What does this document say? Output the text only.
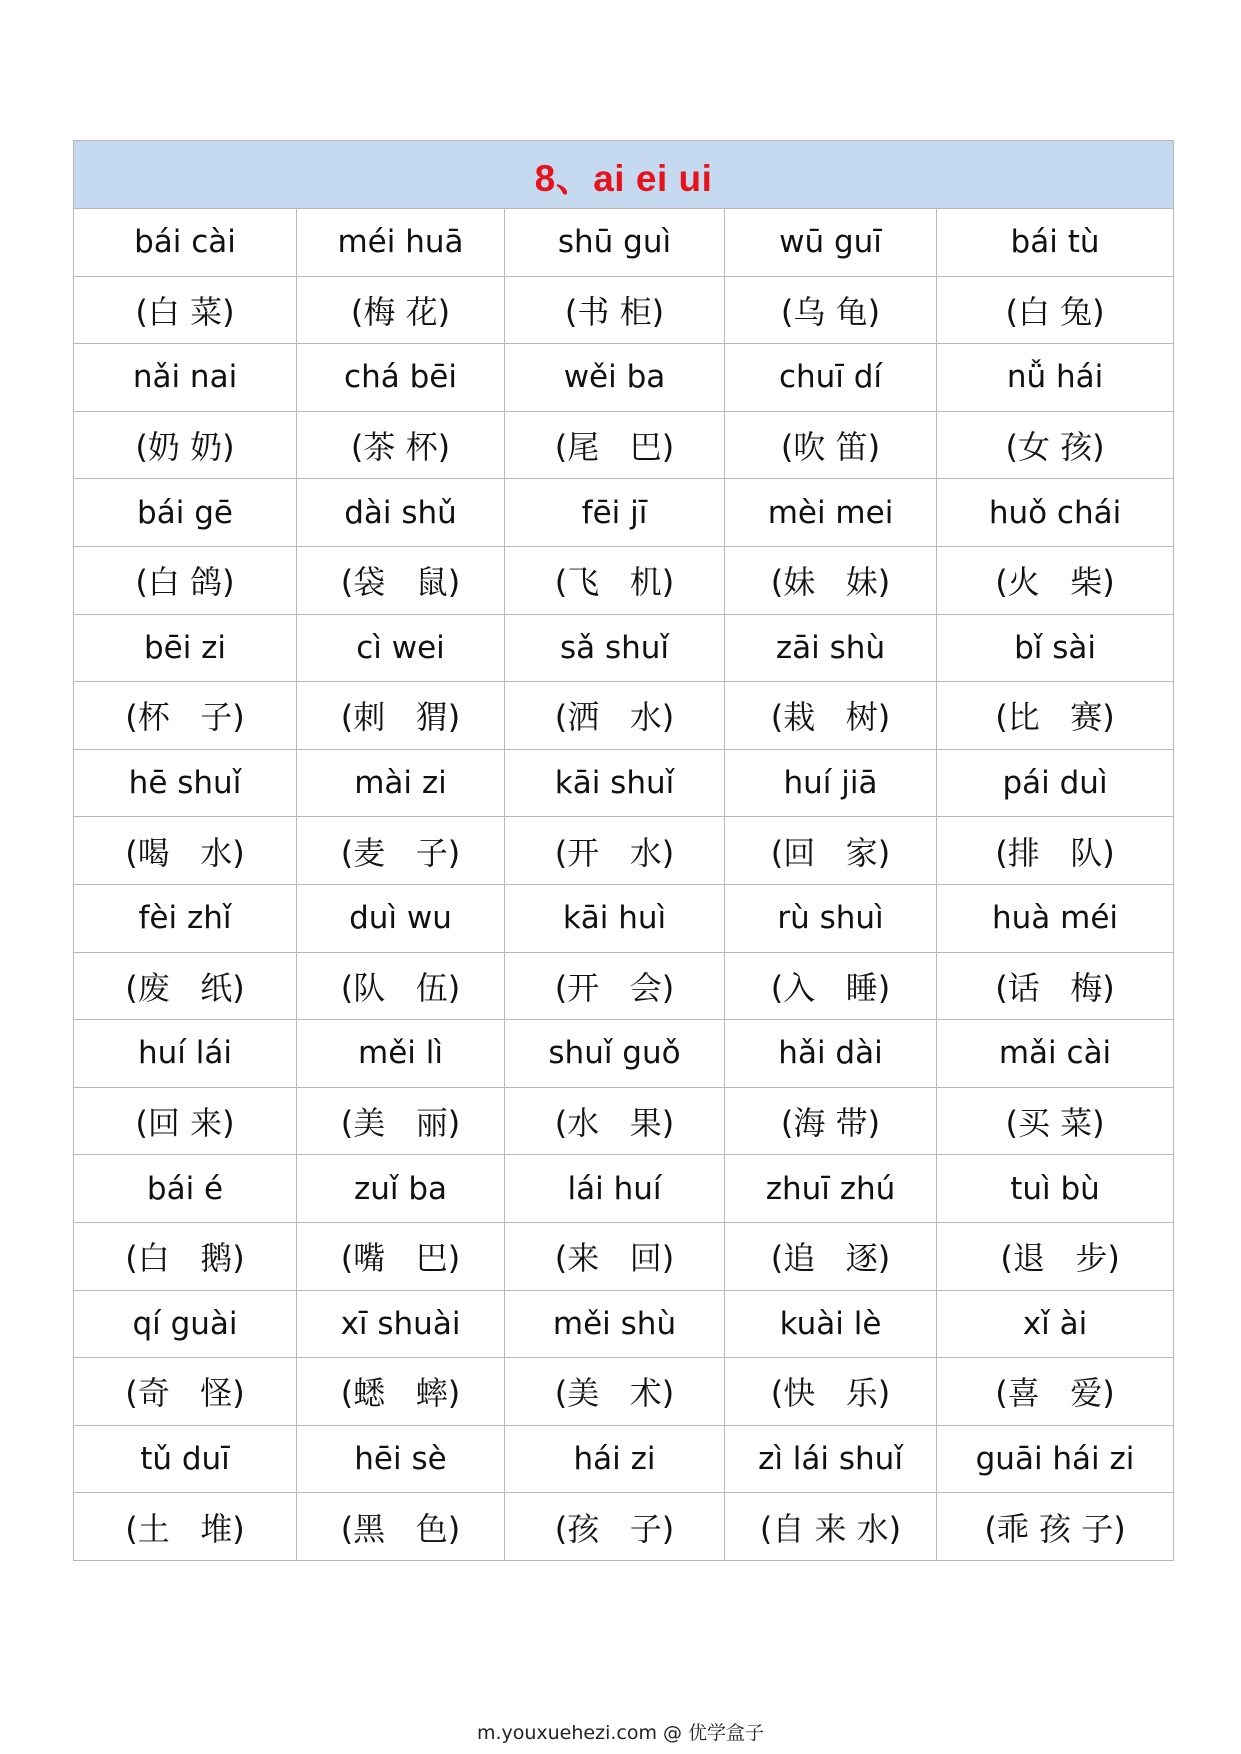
8、ai ei ui				
bái cài	méi huā	shū guì	wū guī	bái tù
(白 菜)	(梅 花)	(书 柜)	(乌 龟)	(白 兔)
nǎi nai	chá bēi	wěi ba	chuī dí	nǚ hái
(奶 奶)	(茶 杯)	(尾   巴)	(吹 笛)	(女 孩)
bái gē	dài shǔ	fēi jī	mèi mei	huǒ chái
(白 鸽)	(袋   鼠)	(飞   机)	(妹   妹)	(火   柴)
bēi zi	cì wei	sǎ shuǐ	zāi shù	bǐ sài
(杯   子)	(刺   猬)	(洒   水)	(栽   树)	(比   赛)
hē shuǐ	mài zi	kāi shuǐ	huí jiā	pái duì
(喝   水)	(麦   子)	(开   水)	(回   家)	(排   队)
fèi zhǐ	duì wu	kāi huì	rù shuì	huà méi
(废   纸)	(队   伍)	(开   会)	(入   睡)	(话   梅)
huí lái	měi lì	shuǐ guǒ	hǎi dài	mǎi cài
(回 来)	(美   丽)	(水   果)	(海 带)	(买 菜)
bái é	zuǐ ba	lái huí	zhuī zhú	tuì bù
(白   鹅)	(嘴   巴)	(来   回)	(追   逐)	(退   步)
qí guài	xī shuài	měi shù	kuài lè	xǐ ài
(奇   怪)	(蟋   蟀)	(美   术)	(快   乐)	(喜   爱)
tǔ duī	hēi sè	hái zi	zì lái shuǐ	guāi hái zi
(土   堆)	(黑   色)	(孩   子)	(自 来 水)	(乖 孩 子)
m.youxuehezi.com @ 优学盒子
